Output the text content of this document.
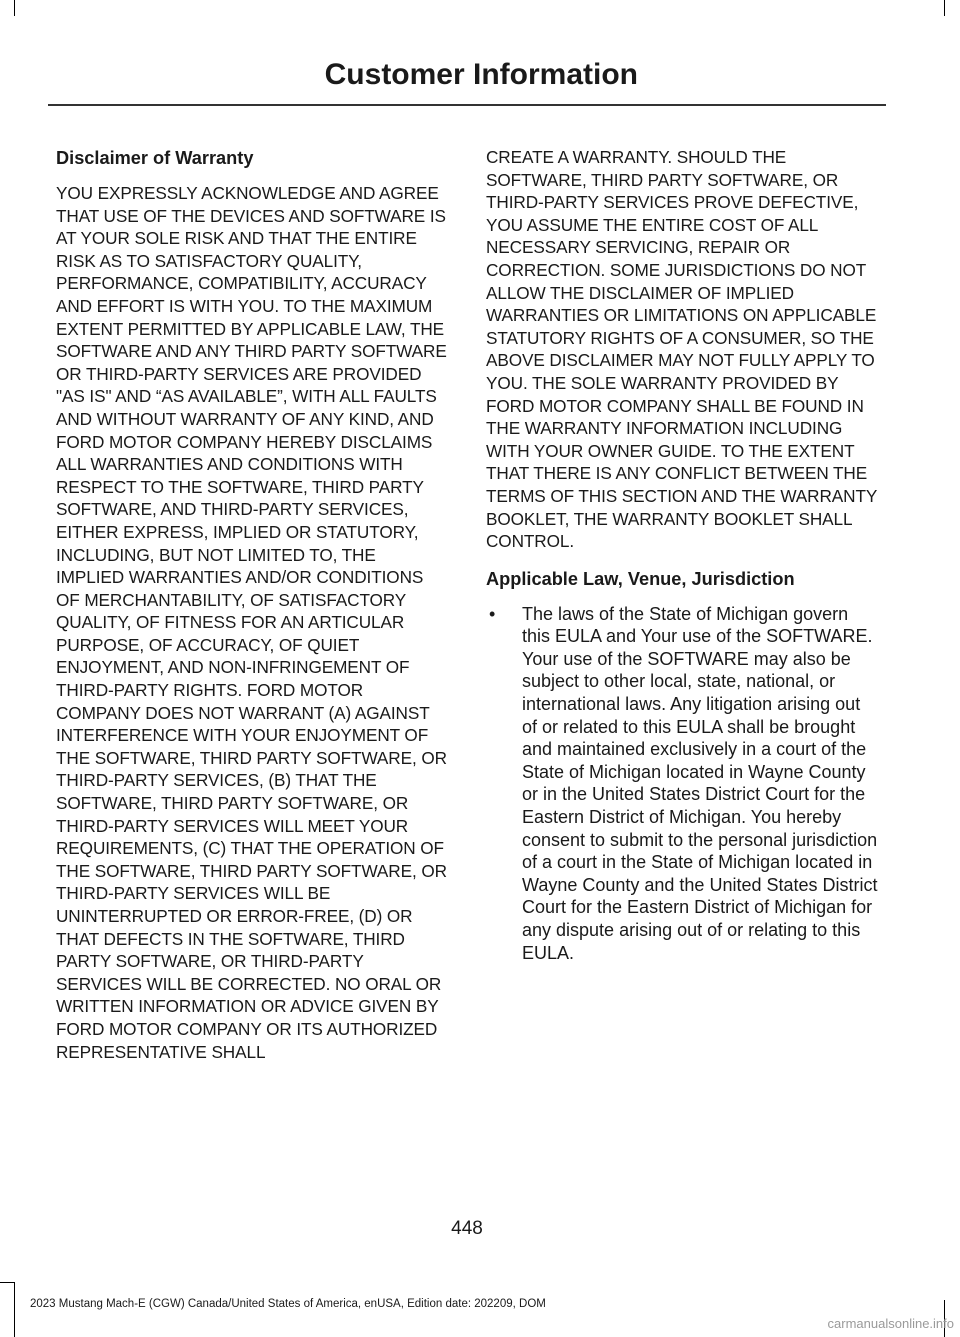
Customer Information
Disclaimer of Warranty

YOU EXPRESSLY ACKNOWLEDGE AND AGREE THAT USE OF THE DEVICES AND SOFTWARE IS AT YOUR SOLE RISK AND THAT THE ENTIRE RISK AS TO SATISFACTORY QUALITY, PERFORMANCE, COMPATIBILITY, ACCURACY AND EFFORT IS WITH YOU. TO THE MAXIMUM EXTENT PERMITTED BY APPLICABLE LAW, THE SOFTWARE AND ANY THIRD PARTY SOFTWARE OR THIRD-PARTY SERVICES ARE PROVIDED "AS IS" AND “AS AVAILABLE”, WITH ALL FAULTS AND WITHOUT WARRANTY OF ANY KIND, AND FORD MOTOR COMPANY HEREBY DISCLAIMS ALL WARRANTIES AND CONDITIONS WITH RESPECT TO THE SOFTWARE, THIRD PARTY SOFTWARE, AND THIRD-PARTY SERVICES, EITHER EXPRESS, IMPLIED OR STATUTORY, INCLUDING, BUT NOT LIMITED TO, THE IMPLIED WARRANTIES AND/OR CONDITIONS OF MERCHANTABILITY, OF SATISFACTORY QUALITY, OF FITNESS FOR AN ARTICULAR PURPOSE, OF ACCURACY, OF QUIET ENJOYMENT, AND NON-INFRINGEMENT OF THIRD-PARTY RIGHTS. FORD MOTOR COMPANY DOES NOT WARRANT (A) AGAINST INTERFERENCE WITH YOUR ENJOYMENT OF THE SOFTWARE, THIRD PARTY SOFTWARE, OR THIRD-PARTY SERVICES, (B) THAT THE SOFTWARE, THIRD PARTY SOFTWARE, OR THIRD-PARTY SERVICES WILL MEET YOUR REQUIREMENTS, (C) THAT THE OPERATION OF THE SOFTWARE, THIRD PARTY SOFTWARE, OR THIRD-PARTY SERVICES WILL BE UNINTERRUPTED OR ERROR-FREE, (D) OR THAT DEFECTS IN THE SOFTWARE, THIRD PARTY SOFTWARE, OR THIRD-PARTY SERVICES WILL BE CORRECTED. NO ORAL OR WRITTEN INFORMATION OR ADVICE GIVEN BY FORD MOTOR COMPANY OR ITS AUTHORIZED REPRESENTATIVE SHALL

CREATE A WARRANTY. SHOULD THE SOFTWARE, THIRD PARTY SOFTWARE, OR THIRD-PARTY SERVICES PROVE DEFECTIVE, YOU ASSUME THE ENTIRE COST OF ALL NECESSARY SERVICING, REPAIR OR CORRECTION. SOME JURISDICTIONS DO NOT ALLOW THE DISCLAIMER OF IMPLIED WARRANTIES OR LIMITATIONS ON APPLICABLE STATUTORY RIGHTS OF A CONSUMER, SO THE ABOVE DISCLAIMER MAY NOT FULLY APPLY TO YOU. THE SOLE WARRANTY PROVIDED BY FORD MOTOR COMPANY SHALL BE FOUND IN THE WARRANTY INFORMATION INCLUDING WITH YOUR OWNER GUIDE. TO THE EXTENT THAT THERE IS ANY CONFLICT BETWEEN THE TERMS OF THIS SECTION AND THE WARRANTY BOOKLET, THE WARRANTY BOOKLET SHALL CONTROL.

Applicable Law, Venue, Jurisdiction
• The laws of the State of Michigan govern this EULA and Your use of the SOFTWARE. Your use of the SOFTWARE may also be subject to other local, state, national, or international laws. Any litigation arising out of or related to this EULA shall be brought and maintained exclusively in a court of the State of Michigan located in Wayne County or in the United States District Court for the Eastern District of Michigan. You hereby consent to submit to the personal jurisdiction of a court in the State of Michigan located in Wayne County and the United States District Court for the Eastern District of Michigan for any dispute arising out of or relating to this EULA.
448
2023 Mustang Mach-E (CGW) Canada/United States of America, enUSA, Edition date: 202209, DOM
carmanualsonline.info
